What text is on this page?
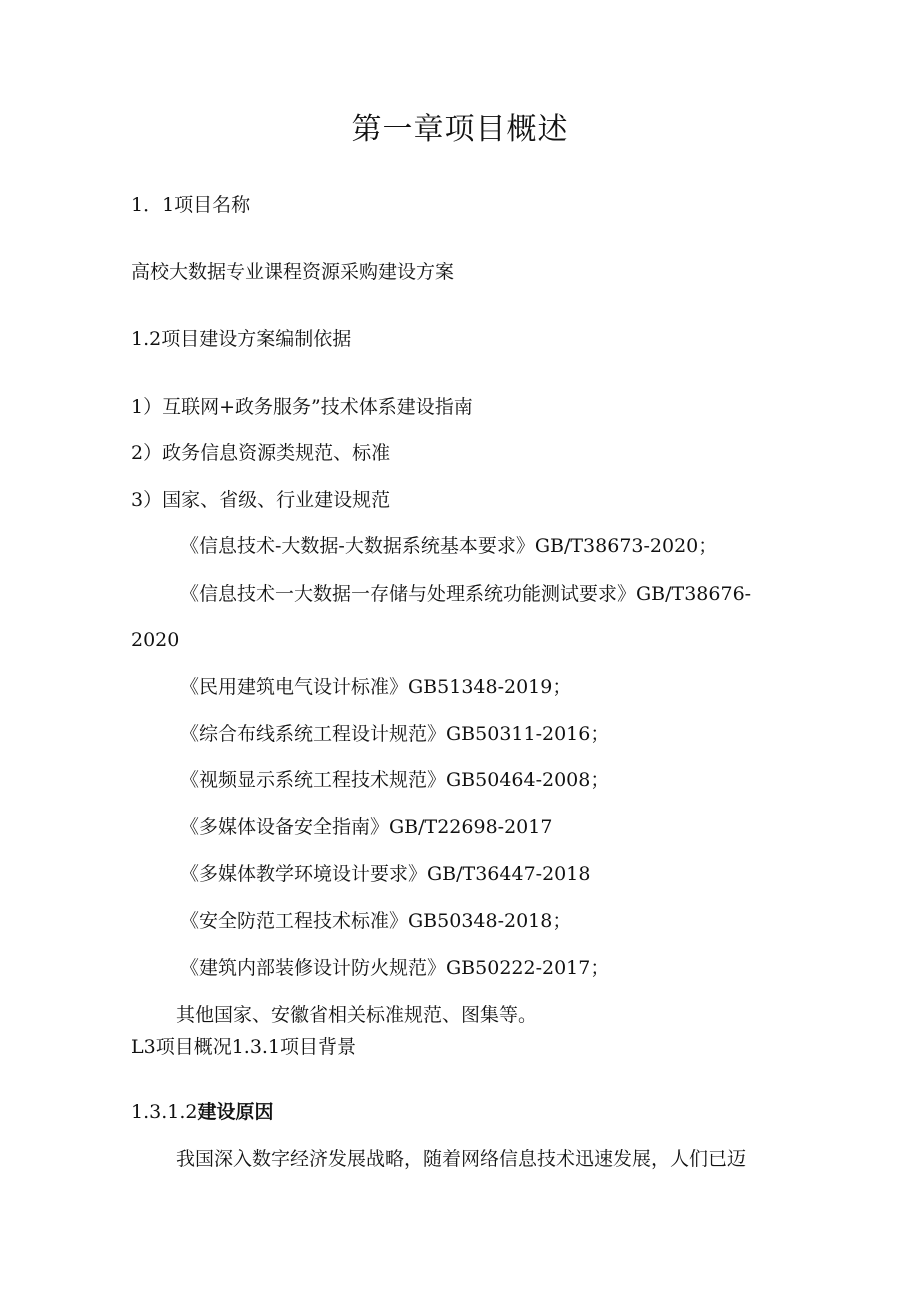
第一章项目概述
1．1项目名称
高校大数据专业课程资源采购建设方案
1.2项目建设方案编制依据
1）互联网+政务服务”技术体系建设指南
2）政务信息资源类规范、标准
3）国家、省级、行业建设规范
《信息技术-大数据-大数据系统基本要求》GB/T38673-2020；
《信息技术一大数据一存储与处理系统功能测试要求》GB/T38676-
2020
《民用建筑电气设计标准》GB51348-2019；
《综合布线系统工程设计规范》GB50311-2016；
《视频显示系统工程技术规范》GB50464-2008；
《多媒体设备安全指南》GB/T22698-2017
《多媒体教学环境设计要求》GB/T36447-2018
《安全防范工程技术标准》GB50348-2018；
《建筑内部装修设计防火规范》GB50222-2017；
其他国家、安徽省相关标准规范、图集等。
L3项目概况1.3.1项目背景
1.3.1.2建设原因
我国深入数字经济发展战略，随着网络信息技术迅速发展，人们已迈
